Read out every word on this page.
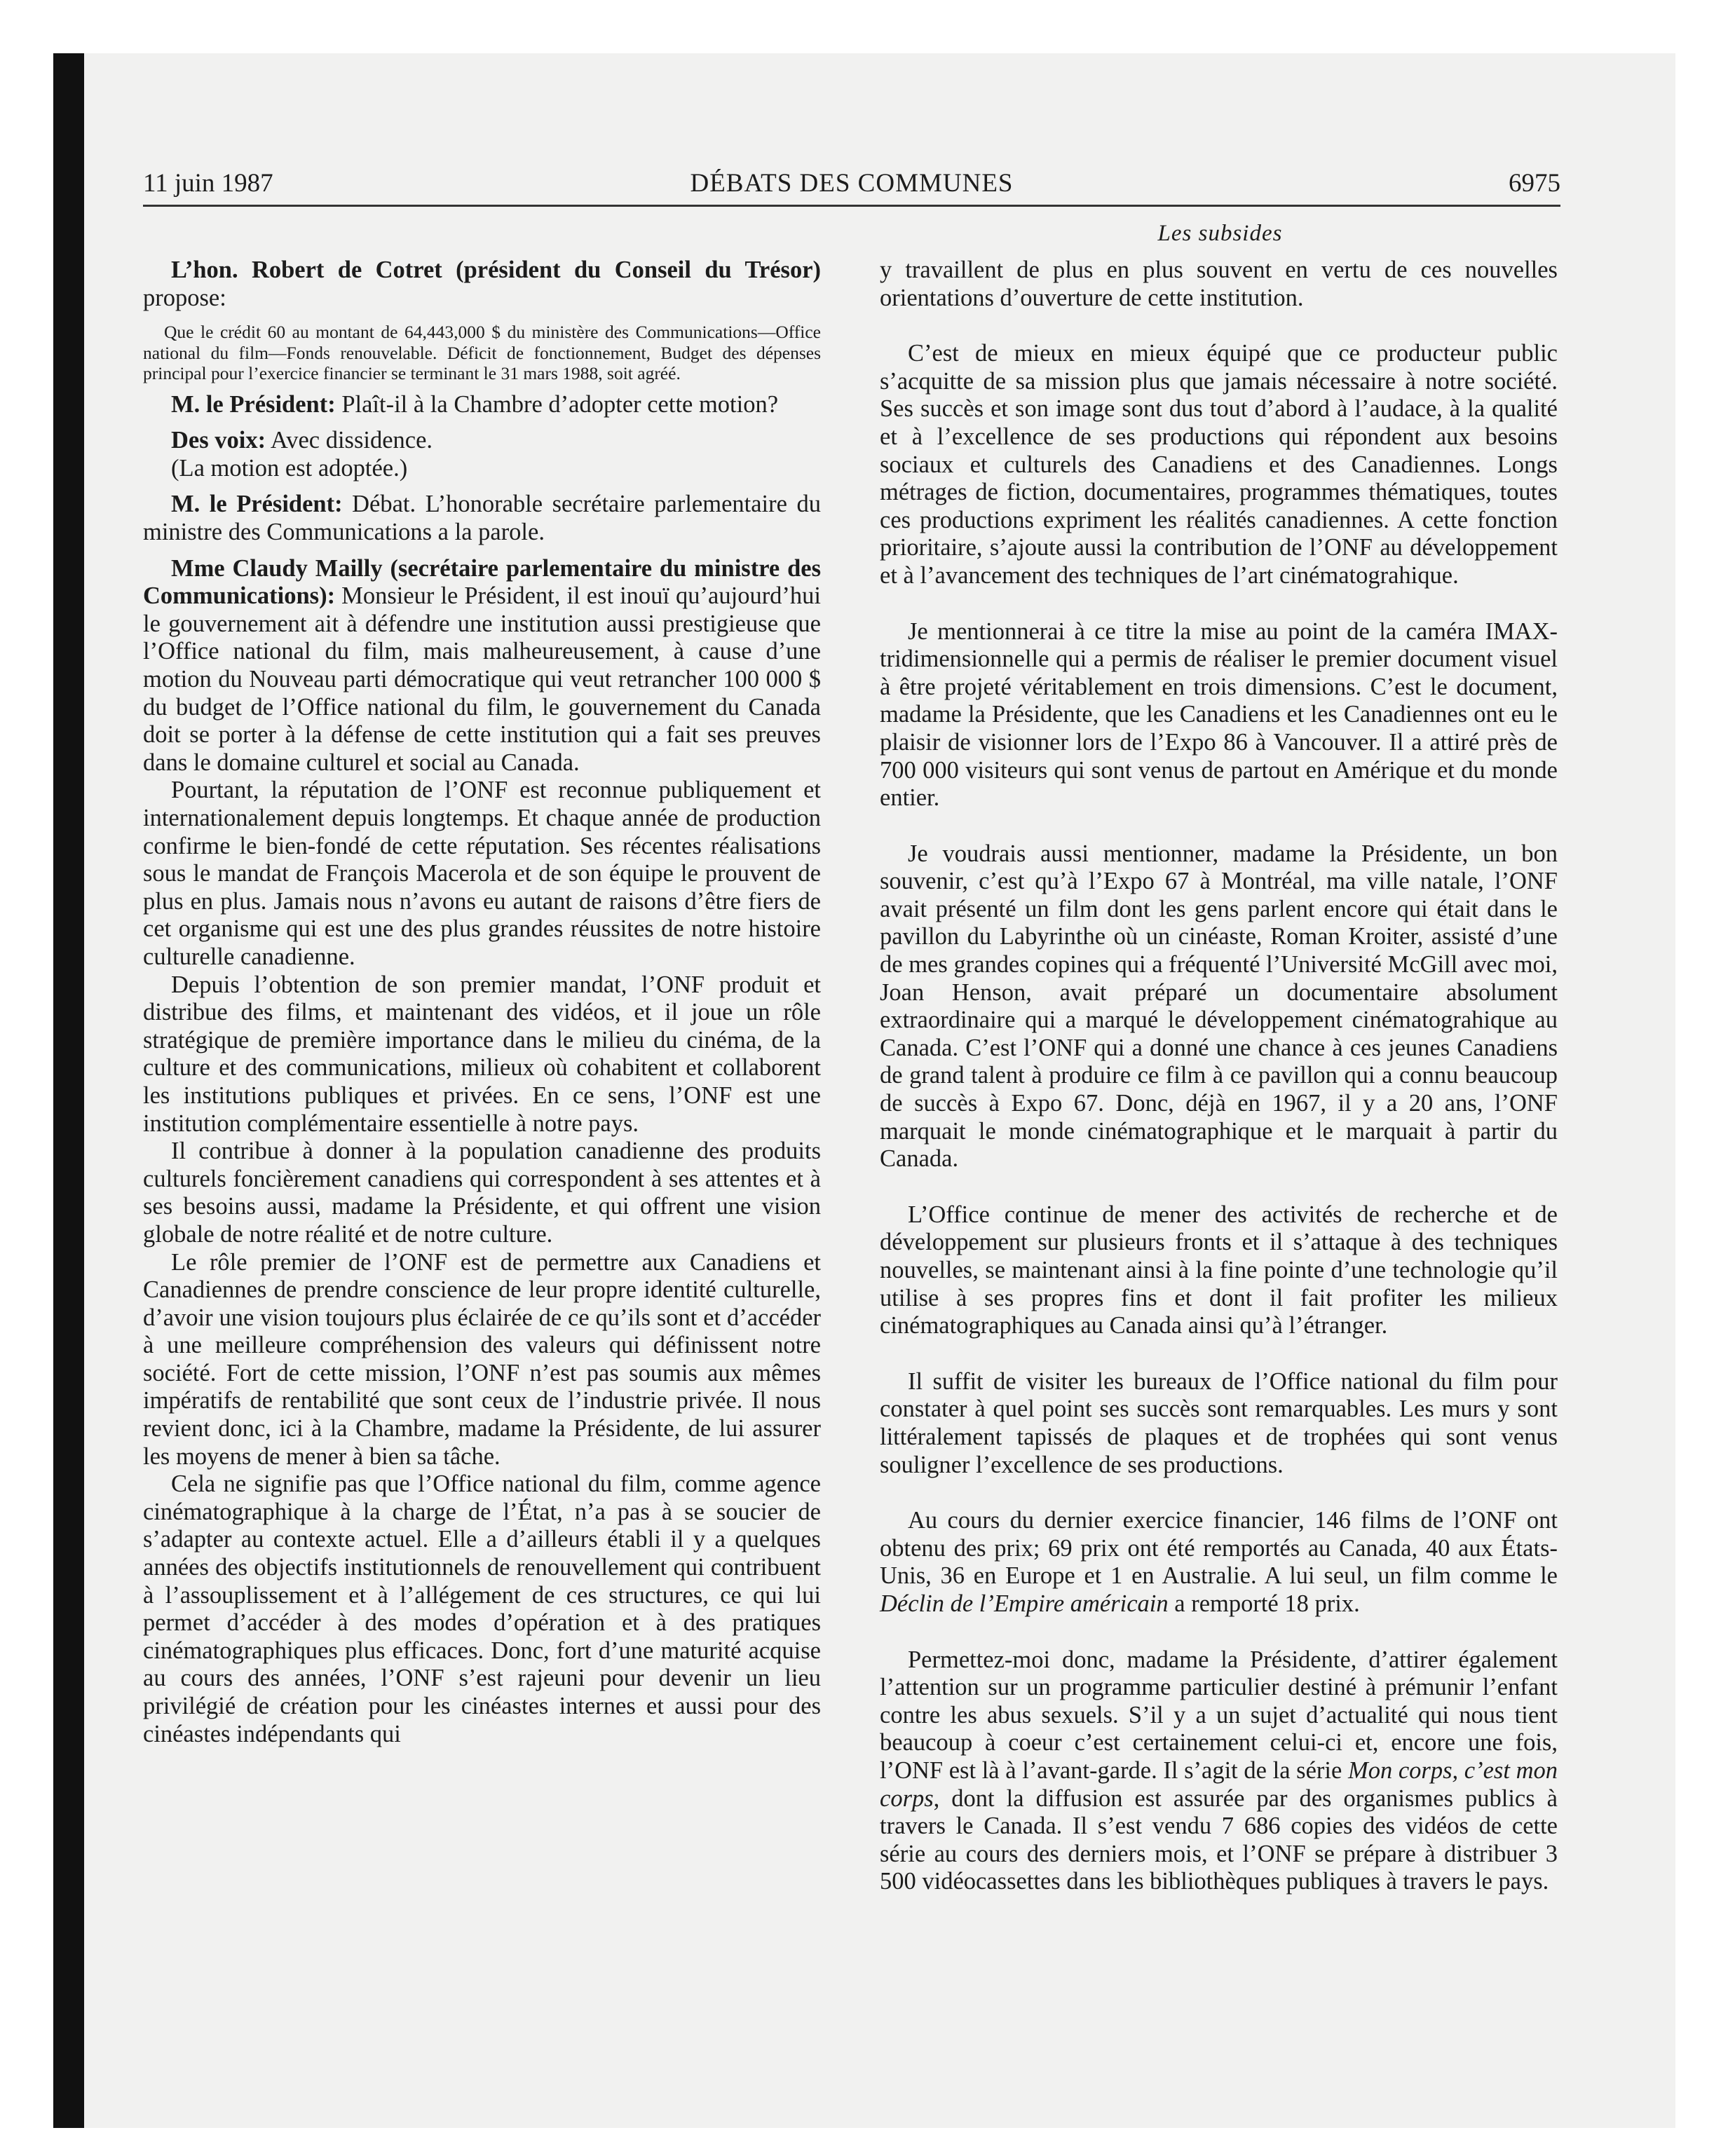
11 juin 1987	DÉBATS DES COMMUNES	6975
Les subsides

L’hon. Robert de Cotret (président du Conseil du Trésor) propose:

Que le crédit 60 au montant de 64,443,000 $ du ministère des Communications—Office national du film—Fonds renouvelable. Déficit de fonctionnement, Budget des dépenses principal pour l’exercice financier se terminant le 31 mars 1988, soit agréé.

M. le Président: Plaît-il à la Chambre d’adopter cette motion?

Des voix: Avec dissidence.

(La motion est adoptée.)

M. le Président: Débat. L’honorable secrétaire parlementaire du ministre des Communications a la parole.

Mme Claudy Mailly (secrétaire parlementaire du ministre des Communications): Monsieur le Président, il est inouï qu’aujourd’hui le gouvernement ait à défendre une institution aussi prestigieuse que l’Office national du film, mais malheureusement, à cause d’une motion du Nouveau parti démocratique qui veut retrancher 100 000 $ du budget de l’Office national du film, le gouvernement du Canada doit se porter à la défense de cette institution qui a fait ses preuves dans le domaine culturel et social au Canada.

Pourtant, la réputation de l’ONF est reconnue publiquement et internationalement depuis longtemps. Et chaque année de production confirme le bien-fondé de cette réputation. Ses récentes réalisations sous le mandat de François Macerola et de son équipe le prouvent de plus en plus. Jamais nous n’avons eu autant de raisons d’être fiers de cet organisme qui est une des plus grandes réussites de notre histoire culturelle canadienne.

Depuis l’obtention de son premier mandat, l’ONF produit et distribue des films, et maintenant des vidéos, et il joue un rôle stratégique de première importance dans le milieu du cinéma, de la culture et des communications, milieux où cohabitent et collaborent les institutions publiques et privées. En ce sens, l’ONF est une institution complémentaire essentielle à notre pays.

Il contribue à donner à la population canadienne des produits culturels foncièrement canadiens qui correspondent à ses attentes et à ses besoins aussi, madame la Présidente, et qui offrent une vision globale de notre réalité et de notre culture.

Le rôle premier de l’ONF est de permettre aux Canadiens et Canadiennes de prendre conscience de leur propre identité culturelle, d’avoir une vision toujours plus éclairée de ce qu’ils sont et d’accéder à une meilleure compréhension des valeurs qui définissent notre société. Fort de cette mission, l’ONF n’est pas soumis aux mêmes impératifs de rentabilité que sont ceux de l’industrie privée. Il nous revient donc, ici à la Chambre, madame la Présidente, de lui assurer les moyens de mener à bien sa tâche.

Cela ne signifie pas que l’Office national du film, comme agence cinématographique à la charge de l’État, n’a pas à se soucier de s’adapter au contexte actuel. Elle a d’ailleurs établi il y a quelques années des objectifs institutionnels de renouvellement qui contribuent à l’assouplissement et à l’allégement de ces structures, ce qui lui permet d’accéder à des modes d’opération et à des pratiques cinématographiques plus efficaces. Donc, fort d’une maturité acquise au cours des années, l’ONF s’est rajeuni pour devenir un lieu privilégié de création pour les cinéastes internes et aussi pour des cinéastes indépendants qui

y travaillent de plus en plus souvent en vertu de ces nouvelles orientations d’ouverture de cette institution.

C’est de mieux en mieux équipé que ce producteur public s’acquitte de sa mission plus que jamais nécessaire à notre société. Ses succès et son image sont dus tout d’abord à l’audace, à la qualité et à l’excellence de ses productions qui répondent aux besoins sociaux et culturels des Canadiens et des Canadiennes. Longs métrages de fiction, documentaires, programmes thématiques, toutes ces productions expriment les réalités canadiennes. A cette fonction prioritaire, s’ajoute aussi la contribution de l’ONF au développement et à l’avancement des techniques de l’art cinématograhique.

Je mentionnerai à ce titre la mise au point de la caméra IMAX-tridimensionnelle qui a permis de réaliser le premier document visuel à être projeté véritablement en trois dimensions. C’est le document, madame la Présidente, que les Canadiens et les Canadiennes ont eu le plaisir de visionner lors de l’Expo 86 à Vancouver. Il a attiré près de 700 000 visiteurs qui sont venus de partout en Amérique et du monde entier.

Je voudrais aussi mentionner, madame la Présidente, un bon souvenir, c’est qu’à l’Expo 67 à Montréal, ma ville natale, l’ONF avait présenté un film dont les gens parlent encore qui était dans le pavillon du Labyrinthe où un cinéaste, Roman Kroiter, assisté d’une de mes grandes copines qui a fréquenté l’Université McGill avec moi, Joan Henson, avait préparé un documentaire absolument extraordinaire qui a marqué le développement cinématograhique au Canada. C’est l’ONF qui a donné une chance à ces jeunes Canadiens de grand talent à produire ce film à ce pavillon qui a connu beaucoup de succès à Expo 67. Donc, déjà en 1967, il y a 20 ans, l’ONF marquait le monde cinématographique et le marquait à partir du Canada.

L’Office continue de mener des activités de recherche et de développement sur plusieurs fronts et il s’attaque à des techniques nouvelles, se maintenant ainsi à la fine pointe d’une technologie qu’il utilise à ses propres fins et dont il fait profiter les milieux cinématographiques au Canada ainsi qu’à l’étranger.

Il suffit de visiter les bureaux de l’Office national du film pour constater à quel point ses succès sont remarquables. Les murs y sont littéralement tapissés de plaques et de trophées qui sont venus souligner l’excellence de ses productions.

Au cours du dernier exercice financier, 146 films de l’ONF ont obtenu des prix; 69 prix ont été remportés au Canada, 40 aux États-Unis, 36 en Europe et 1 en Australie. A lui seul, un film comme le Déclin de l’Empire américain a remporté 18 prix.

Permettez-moi donc, madame la Présidente, d’attirer également l’attention sur un programme particulier destiné à prémunir l’enfant contre les abus sexuels. S’il y a un sujet d’actualité qui nous tient beaucoup à coeur c’est certainement celui-ci et, encore une fois, l’ONF est là à l’avant-garde. Il s’agit de la série Mon corps, c’est mon corps, dont la diffusion est assurée par des organismes publics à travers le Canada. Il s’est vendu 7 686 copies des vidéos de cette série au cours des derniers mois, et l’ONF se prépare à distribuer 3 500 vidéocassettes dans les bibliothèques publiques à travers le pays.
